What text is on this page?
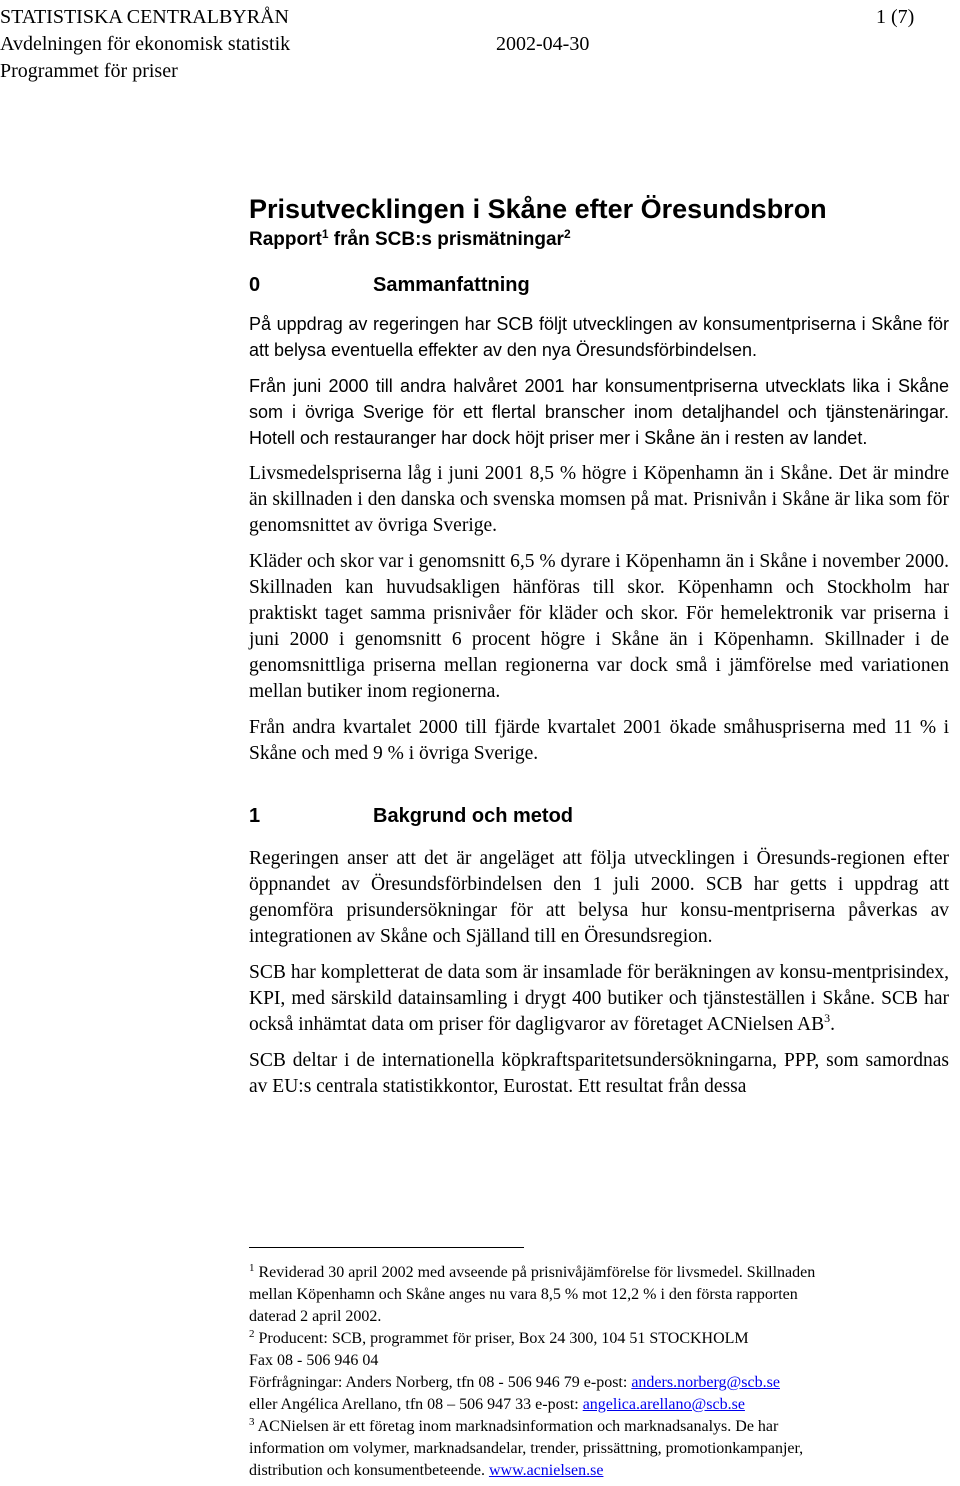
STATISTISKA CENTRALBYRÅN	1 (7)
Avdelningen för ekonomisk statistik	2002-04-30
Programmet för priser
Prisutvecklingen i Skåne efter Öresundsbron
Rapport$^1$ från SCB:s prismätningar$^2$
0	Sammanfattning

På uppdrag av regeringen har SCB följt utvecklingen av konsumentpriserna i Skåne för att belysa eventuella effekter av den nya Öresundsförbindelsen.

Från juni 2000 till andra halvåret 2001 har konsumentpriserna utvecklats lika i Skåne som i övriga Sverige för ett flertal branscher inom detaljhandel och tjänstenäringar. Hotell och restauranger har dock höjt priser mer i Skåne än i resten av landet.

Livsmedelspriserna låg i juni 2001 8,5 % högre i Köpenhamn än i Skåne. Det är mindre än skillnaden i den danska och svenska momsen på mat. Prisnivån i Skåne är lika som för genomsnittet av övriga Sverige.

Kläder och skor var i genomsnitt 6,5 % dyrare i Köpenhamn än i Skåne i november 2000. Skillnaden kan huvudsakligen hänföras till skor. Köpenhamn och Stockholm har praktiskt taget samma prisnivåer för kläder och skor. För hemelektronik var priserna i juni 2000 i genomsnitt 6 procent högre i Skåne än i Köpenhamn. Skillnader i de genomsnittliga priserna mellan regionerna var dock små i jämförelse med variationen mellan butiker inom regionerna.

Från andra kvartalet 2000 till fjärde kvartalet 2001 ökade småhuspriserna med 11 % i Skåne och med 9 % i övriga Sverige.

1	Bakgrund och metod

Regeringen anser att det är angeläget att följa utvecklingen i Öresunds-regionen efter öppnandet av Öresundsförbindelsen den 1 juli 2000. SCB har getts i uppdrag att genomföra prisundersökningar för att belysa hur konsu-mentpriserna påverkas av integrationen av Skåne och Själland till en Öresundsregion.

SCB har kompletterat de data som är insamlade för beräkningen av konsu-mentprisindex, KPI, med särskild datainsamling i drygt 400 butiker och tjänsteställen i Skåne. SCB har också inhämtat data om priser för dagligvaror av företaget ACNielsen $AB^3$.

SCB deltar i de internationella köpkraftsparitetsundersökningarna, PPP, som samordnas av EU:s centrala statistikkontor, Eurostat. Ett resultat från dessa

$^1$ Reviderad 30 april 2002 med avseende på prisnivåjämförelse för livsmedel. Skillnaden
mellan Köpenhamn och Skåne anges nu vara 8,5 % mot 12,2 % i den första rapporten
daterad 2 april 2002.
$^2$ Producent: SCB, programmet för priser, Box 24 300, 104 51 STOCKHOLM
Fax 08 - 506 946 04
Förfrågningar: Anders Norberg, tfn 08 - 506 946 79 e-post: anders.norberg@scb.se
eller Angélica Arellano, tfn 08 – 506 947 33 e-post: angelica.arellano@scb.se
$^3$ ACNielsen är ett företag inom marknadsinformation och marknadsanalys. De har
information om volymer, marknadsandelar, trender, prissättning, promotionkampanjer,
distribution och konsumentbeteende. www.acnielsen.se
